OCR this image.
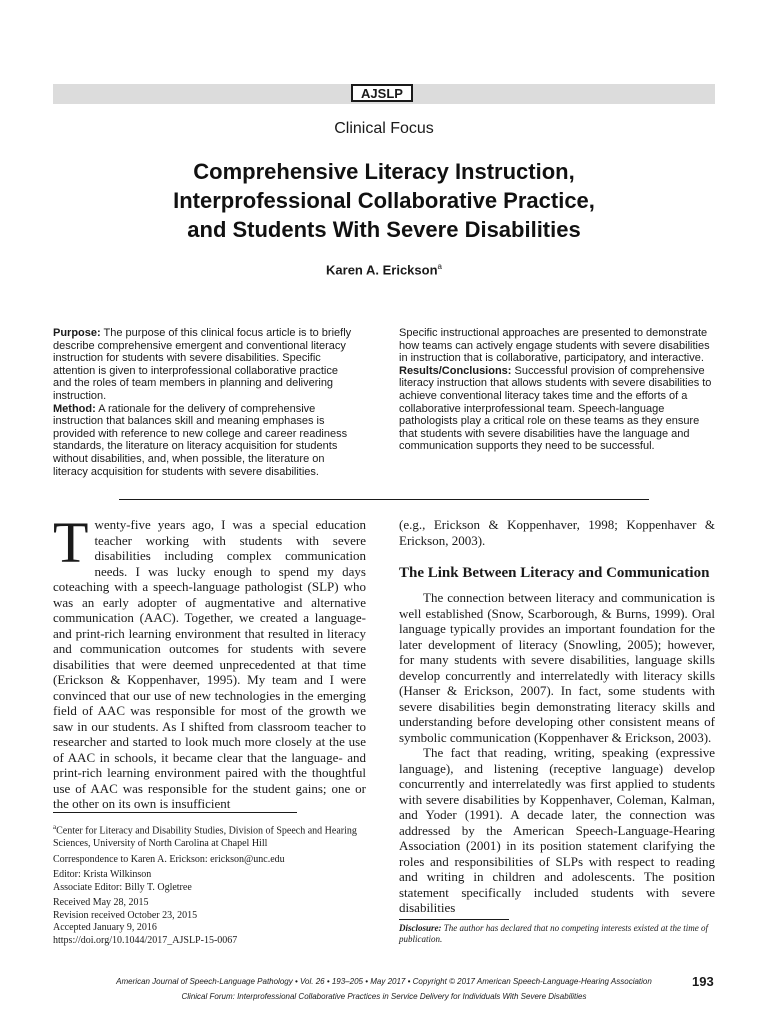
AJSLP
Clinical Focus
Comprehensive Literacy Instruction,
Interprofessional Collaborative Practice,
and Students With Severe Disabilities
Karen A. Erickson$^a$

Purpose: The purpose of this clinical focus article is to briefly describe comprehensive emergent and conventional literacy instruction for students with severe disabilities. Specific attention is given to interprofessional collaborative practice and the roles of team members in planning and delivering instruction.

Method: A rationale for the delivery of comprehensive instruction that balances skill and meaning emphases is provided with reference to new college and career readiness standards, the literature on literacy acquisition for students without disabilities, and, when possible, the literature on literacy acquisition for students with severe disabilities.

Specific instructional approaches are presented to demonstrate how teams can actively engage students with severe disabilities in instruction that is collaborative, participatory, and interactive.

Results/Conclusions: Successful provision of comprehensive literacy instruction that allows students with severe disabilities to achieve conventional literacy takes time and the efforts of a collaborative interprofessional team. Speech-language pathologists play a critical role on these teams as they ensure that students with severe disabilities have the language and communication supports they need to be successful.

Twenty-five years ago, I was a special education teacher working with students with severe disabilities including complex communication needs. I was lucky enough to spend my days coteaching with a speech-language pathologist (SLP) who was an early adopter of augmentative and alternative communication (AAC). Together, we created a language- and print-rich learning environment that resulted in literacy and communication outcomes for students with severe disabilities that were deemed unprecedented at that time (Erickson & Koppenhaver, 1995). My team and I were convinced that our use of new technologies in the emerging field of AAC was responsible for most of the growth we saw in our students. As I shifted from classroom teacher to researcher and started to look much more closely at the use of AAC in schools, it became clear that the language- and print-rich learning environment paired with the thoughtful use of AAC was responsible for the student gains; one or the other on its own is insufficient

(e.g., Erickson & Koppenhaver, 1998; Koppenhaver & Erickson, 2003).

The Link Between Literacy and Communication

The connection between literacy and communication is well established (Snow, Scarborough, & Burns, 1999). Oral language typically provides an important foundation for the later development of literacy (Snowling, 2005); however, for many students with severe disabilities, language skills develop concurrently and interrelatedly with literacy skills (Hanser & Erickson, 2007). In fact, some students with severe disabilities begin demonstrating literacy skills and understanding before developing other consistent means of symbolic communication (Koppenhaver & Erickson, 2003).

The fact that reading, writing, speaking (expressive language), and listening (receptive language) develop concurrently and interrelatedly was first applied to students with severe disabilities by Koppenhaver, Coleman, Kalman, and Yoder (1991). A decade later, the connection was addressed by the American Speech-Language-Hearing Association (2001) in its position statement clarifying the roles and responsibilities of SLPs with respect to reading and writing in children and adolescents. The position statement specifically included students with severe disabilities

$^a$Center for Literacy and Disability Studies, Division of Speech and Hearing Sciences, University of North Carolina at Chapel Hill

Correspondence to Karen A. Erickson: erickson@unc.edu

Editor: Krista Wilkinson

Associate Editor: Billy T. Ogletree

Received May 28, 2015

Revision received October 23, 2015

Accepted January 9, 2016

https://doi.org/10.1044/2017_AJSLP-15-0067

Disclosure: The author has declared that no competing interests existed at the time of publication.
American Journal of Speech-Language Pathology • Vol. 26 • 193–205 • May 2017 • Copyright © 2017 American Speech-Language-Hearing Association
Clinical Forum: Interprofessional Collaborative Practices in Service Delivery for Individuals With Severe Disabilities
193
